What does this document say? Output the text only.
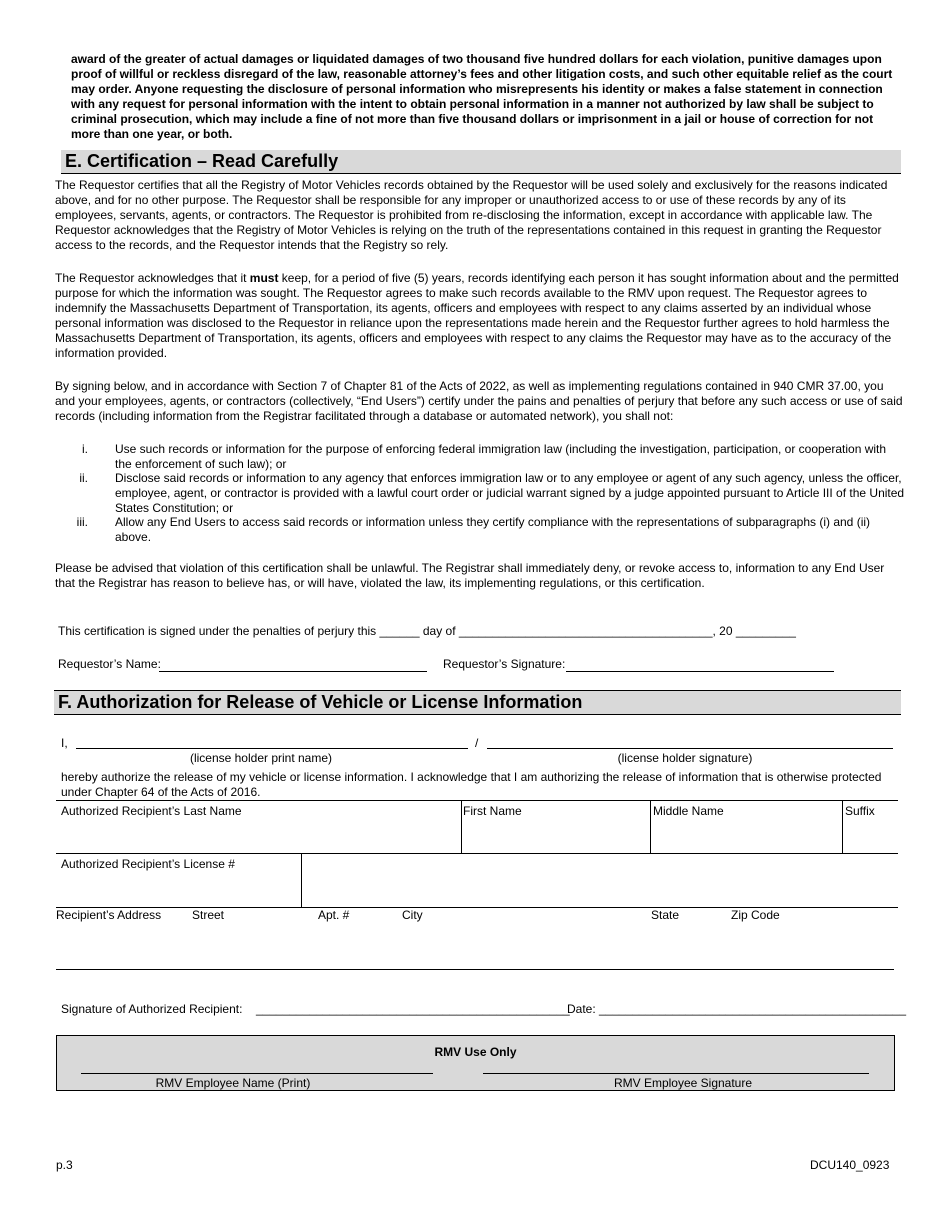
award of the greater of actual damages or liquidated damages of two thousand five hundred dollars for each violation, punitive damages upon proof of willful or reckless disregard of the law, reasonable attorney’s fees and other litigation costs, and such other equitable relief as the court may order. Anyone requesting the disclosure of personal information who misrepresents his identity or makes a false statement in connection with any request for personal information with the intent to obtain personal information in a manner not authorized by law shall be subject to criminal prosecution, which may include a fine of not more than five thousand dollars or imprisonment in a jail or house of correction for not more than one year, or both.
E. Certification – Read Carefully
The Requestor certifies that all the Registry of Motor Vehicles records obtained by the Requestor will be used solely and exclusively for the reasons indicated above, and for no other purpose. The Requestor shall be responsible for any improper or unauthorized access to or use of these records by any of its employees, servants, agents, or contractors. The Requestor is prohibited from re-disclosing the information, except in accordance with applicable law. The Requestor acknowledges that the Registry of Motor Vehicles is relying on the truth of the representations contained in this request in granting the Requestor access to the records, and the Requestor intends that the Registry so rely.
The Requestor acknowledges that it must keep, for a period of five (5) years, records identifying each person it has sought information about and the permitted purpose for which the information was sought. The Requestor agrees to make such records available to the RMV upon request. The Requestor agrees to indemnify the Massachusetts Department of Transportation, its agents, officers and employees with respect to any claims asserted by an individual whose personal information was disclosed to the Requestor in reliance upon the representations made herein and the Requestor further agrees to hold harmless the Massachusetts Department of Transportation, its agents, officers and employees with respect to any claims the Requestor may have as to the accuracy of the information provided.
By signing below, and in accordance with Section 7 of Chapter 81 of the Acts of 2022, as well as implementing regulations contained in 940 CMR 37.00, you and your employees, agents, or contractors (collectively, “End Users”) certify under the pains and penalties of perjury that before any such access or use of said records (including information from the Registrar facilitated through a database or automated network), you shall not:
i. Use such records or information for the purpose of enforcing federal immigration law (including the investigation, participation, or cooperation with the enforcement of such law); or
ii. Disclose said records or information to any agency that enforces immigration law or to any employee or agent of any such agency, unless the officer, employee, agent, or contractor is provided with a lawful court order or judicial warrant signed by a judge appointed pursuant to Article III of the United States Constitution; or
iii. Allow any End Users to access said records or information unless they certify compliance with the representations of subparagraphs (i) and (ii) above.
Please be advised that violation of this certification shall be unlawful. The Registrar shall immediately deny, or revoke access to, information to any End User that the Registrar has reason to believe has, or will have, violated the law, its implementing regulations, or this certification.
This certification is signed under the penalties of perjury this ______ day of ______________________________________, 20 _________
Requestor’s Name:	Requestor’s Signature:
F. Authorization for Release of Vehicle or License Information
I,	/
(license holder print name)	(license holder signature)
hereby authorize the release of my vehicle or license information. I acknowledge that I am authorizing the release of information that is otherwise protected under Chapter 64 of the Acts of 2016.
Authorized Recipient’s Last Name	First Name	Middle Name	Suffix
Authorized Recipient’s License #
Recipient’s Address	Street	Apt. #	City	State	Zip Code
Signature of Authorized Recipient: _______________________________________________
Date: ______________________________________________
RMV Use Only
RMV Employee Name (Print)	RMV Employee Signature
p.3	DCU140_0923
